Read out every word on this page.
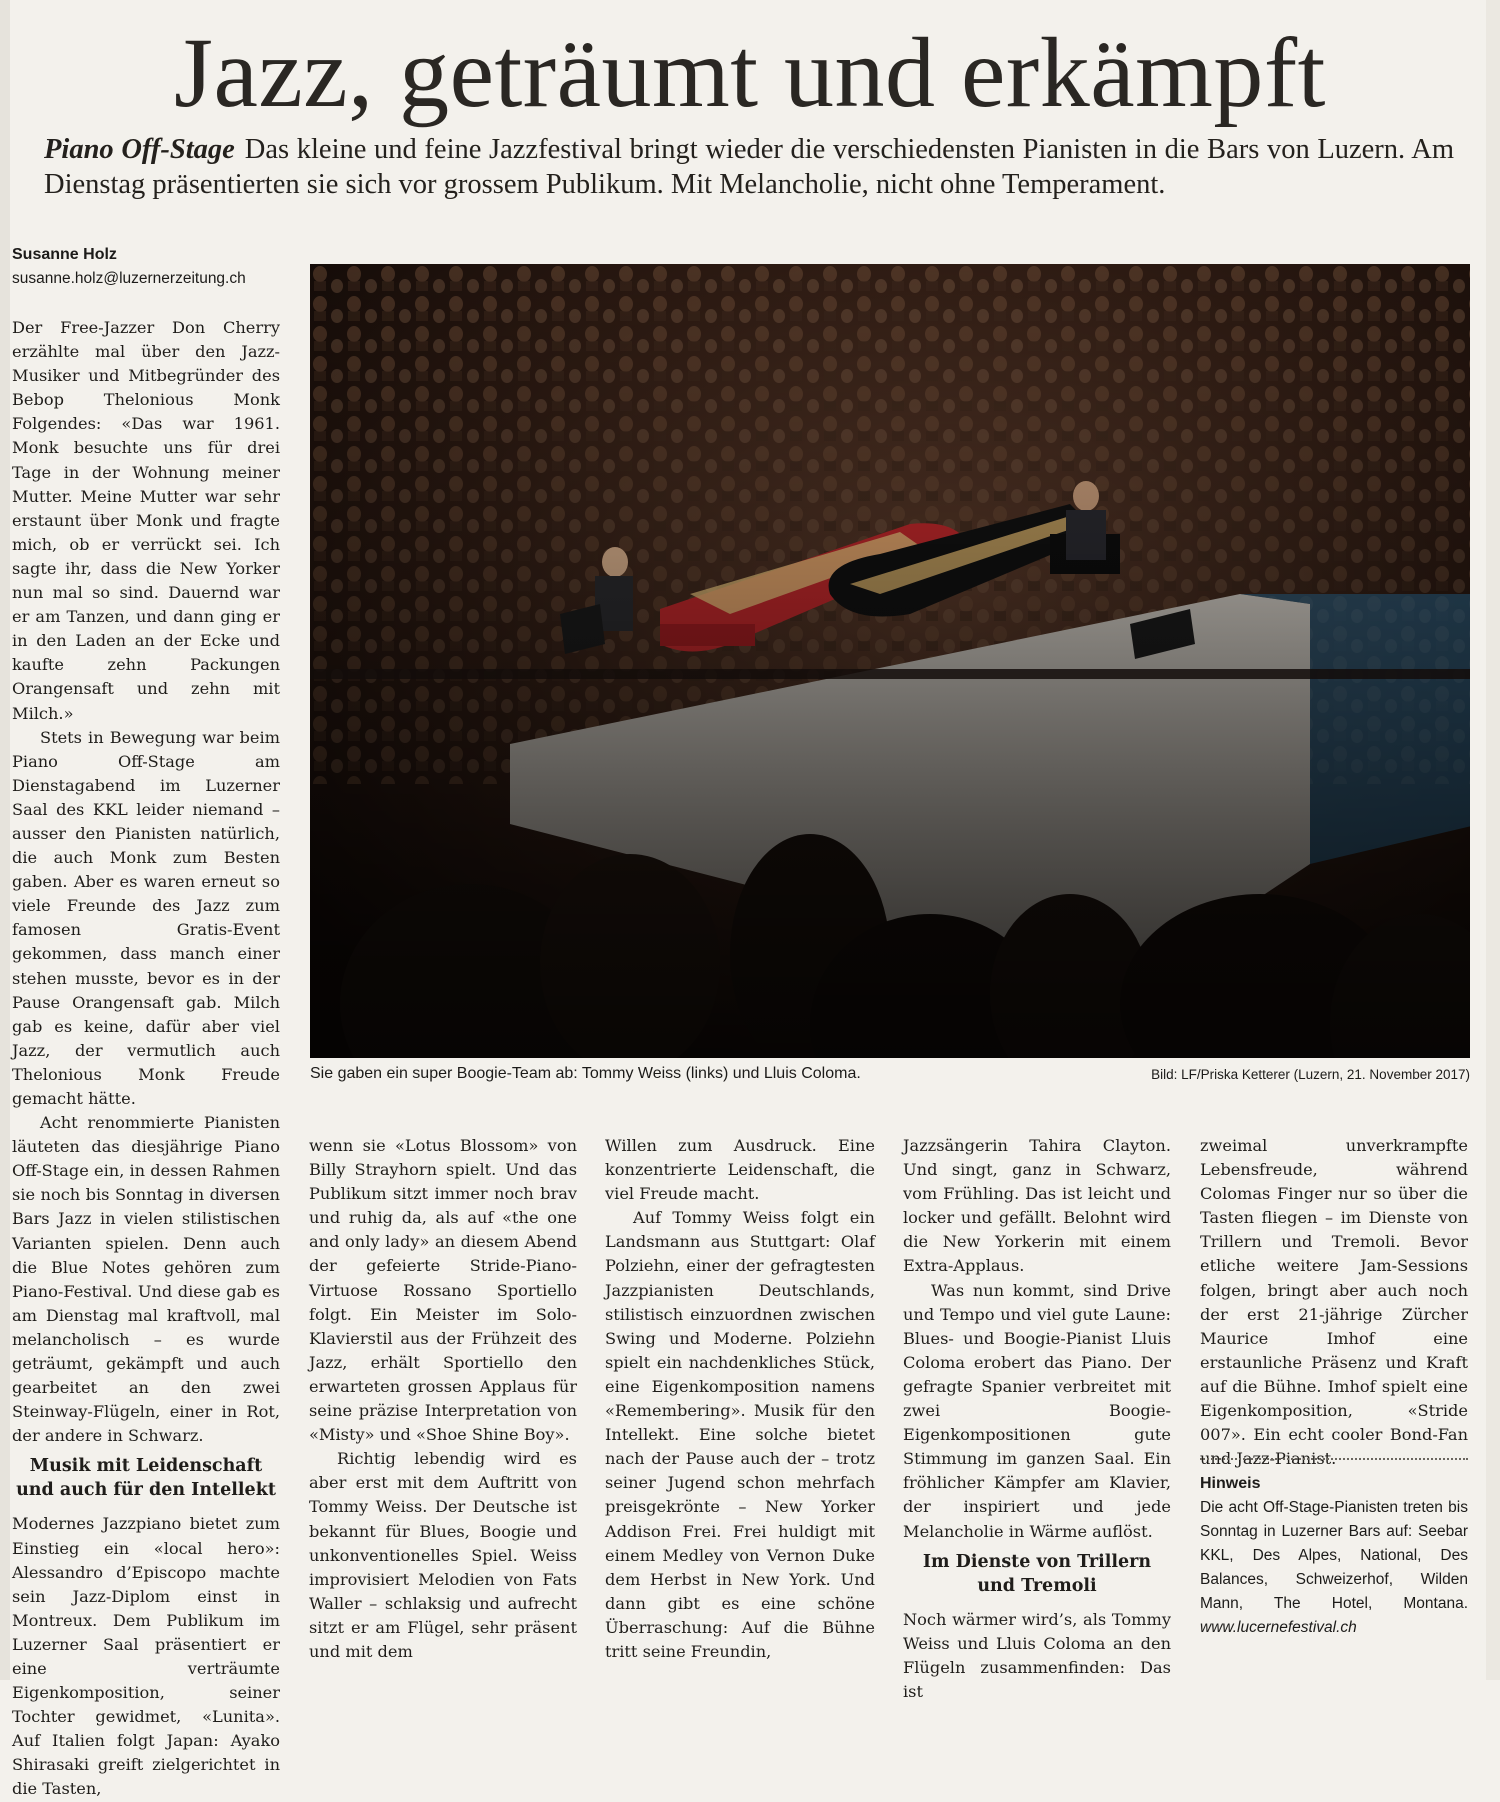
Jazz, geträumt und erkämpft
Piano Off-Stage Das kleine und feine Jazzfestival bringt wieder die verschiedensten Pianisten in die Bars von Luzern. Am Dienstag präsentierten sie sich vor grossem Publikum. Mit Melancholie, nicht ohne Temperament.
Susanne Holz
susanne.holz@luzernerzeitung.ch

Der Free-Jazzer Don Cherry erzählte mal über den Jazz-Musiker und Mitbegründer des Bebop Thelonious Monk Folgendes: «Das war 1961. Monk besuchte uns für drei Tage in der Wohnung meiner Mutter. Meine Mutter war sehr erstaunt über Monk und fragte mich, ob er verrückt sei. Ich sagte ihr, dass die New Yorker nun mal so sind. Dauernd war er am Tanzen, und dann ging er in den Laden an der Ecke und kaufte zehn Packungen Orangensaft und zehn mit Milch.»

Stets in Bewegung war beim Piano Off-Stage am Dienstagabend im Luzerner Saal des KKL leider niemand – ausser den Pianisten natürlich, die auch Monk zum Besten gaben. Aber es waren erneut so viele Freunde des Jazz zum famosen Gratis-Event gekommen, dass manch einer stehen musste, bevor es in der Pause Orangensaft gab. Milch gab es keine, dafür aber viel Jazz, der vermutlich auch Thelonious Monk Freude gemacht hätte.

Acht renommierte Pianisten läuteten das diesjährige Piano Off-Stage ein, in dessen Rahmen sie noch bis Sonntag in diversen Bars Jazz in vielen stilistischen Varianten spielen. Denn auch die Blue Notes gehören zum Piano-Festival. Und diese gab es am Dienstag mal kraftvoll, mal melancholisch – es wurde geträumt, gekämpft und auch gearbeitet an den zwei Steinway-Flügeln, einer in Rot, der andere in Schwarz.

Musik mit Leidenschaft und auch für den Intellekt

Modernes Jazzpiano bietet zum Einstieg ein «local hero»: Alessandro d’Episcopo machte sein Jazz-Diplom einst in Montreux. Dem Publikum im Luzerner Saal präsentiert er eine verträumte Eigenkomposition, seiner Tochter gewidmet, «Lunita». Auf Italien folgt Japan: Ayako Shirasaki greift zielgerichtet in die Tasten,

Sie gaben ein super Boogie-Team ab: Tommy Weiss (links) und Lluis Coloma.	Bild: LF/Priska Ketterer (Luzern, 21. November 2017)

wenn sie «Lotus Blossom» von Billy Strayhorn spielt. Und das Publikum sitzt immer noch brav und ruhig da, als auf «the one and only lady» an diesem Abend der gefeierte Stride-Piano-Virtuose Rossano Sportiello folgt. Ein Meister im Solo-Klavierstil aus der Frühzeit des Jazz, erhält Sportiello den erwarteten grossen Applaus für seine präzise Interpretation von «Misty» und «Shoe Shine Boy».

Richtig lebendig wird es aber erst mit dem Auftritt von Tommy Weiss. Der Deutsche ist bekannt für Blues, Boogie und unkonventionelles Spiel. Weiss improvisiert Melodien von Fats Waller – schlaksig und aufrecht sitzt er am Flügel, sehr präsent und mit dem

Willen zum Ausdruck. Eine konzentrierte Leidenschaft, die viel Freude macht.

Auf Tommy Weiss folgt ein Landsmann aus Stuttgart: Olaf Polziehn, einer der gefragtesten Jazzpianisten Deutschlands, stilistisch einzuordnen zwischen Swing und Moderne. Polziehn spielt ein nachdenkliches Stück, eine Eigenkomposition namens «Remembering». Musik für den Intellekt. Eine solche bietet nach der Pause auch der – trotz seiner Jugend schon mehrfach preisgekrönte – New Yorker Addison Frei. Frei huldigt mit einem Medley von Vernon Duke dem Herbst in New York. Und dann gibt es eine schöne Überraschung: Auf die Bühne tritt seine Freundin,

Jazzsängerin Tahira Clayton. Und singt, ganz in Schwarz, vom Frühling. Das ist leicht und locker und gefällt. Belohnt wird die New Yorkerin mit einem Extra-Applaus.

Was nun kommt, sind Drive und Tempo und viel gute Laune: Blues- und Boogie-Pianist Lluis Coloma erobert das Piano. Der gefragte Spanier verbreitet mit zwei Boogie-Eigenkompositionen gute Stimmung im ganzen Saal. Ein fröhlicher Kämpfer am Klavier, der inspiriert und jede Melancholie in Wärme auflöst.

Im Dienste von Trillern und Tremoli

Noch wärmer wird’s, als Tommy Weiss und Lluis Coloma an den Flügeln zusammenfinden: Das ist

zweimal unverkrampfte Lebensfreude, während Colomas Finger nur so über die Tasten fliegen – im Dienste von Trillern und Tremoli. Bevor etliche weitere Jam-Sessions folgen, bringt aber auch noch der erst 21-jährige Zürcher Maurice Imhof eine erstaunliche Präsenz und Kraft auf die Bühne. Imhof spielt eine Eigenkomposition, «Stride 007». Ein echt cooler Bond-Fan und Jazz-Pianist.

Hinweis

Die acht Off-Stage-Pianisten treten bis Sonntag in Luzerner Bars auf: Seebar KKL, Des Alpes, National, Des Balances, Schweizerhof, Wilden Mann, The Hotel, Montana. www.lucernefestival.ch
